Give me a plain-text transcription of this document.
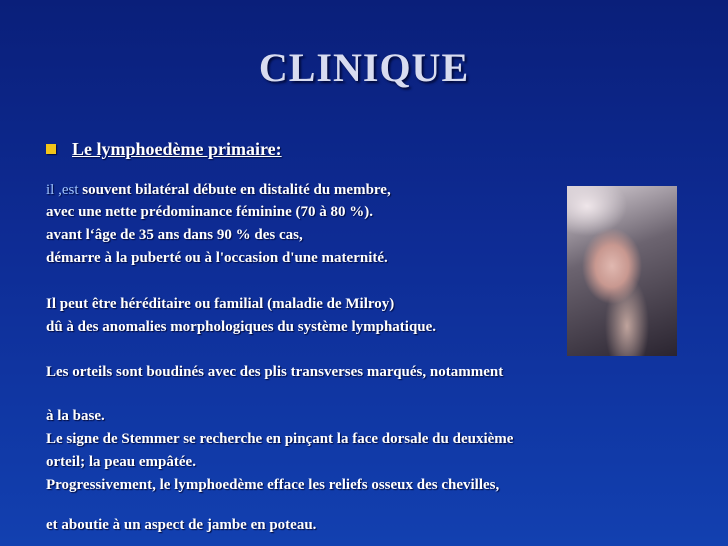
CLINIQUE
Le lymphoedème primaire:
il ,est souvent bilatéral débute en distalité du membre,
avec une nette prédominance féminine (70 à 80 %).
avant l‘âge de 35 ans dans 90 % des cas,
démarre à la puberté ou à l'occasion d'une maternité.
Il peut être héréditaire ou familial (maladie de Milroy)
dû à des anomalies morphologiques du système lymphatique.
Les orteils sont boudinés avec des plis transverses marqués, notamment
à la base.
Le signe de Stemmer se recherche en pinçant la face dorsale du deuxième
orteil; la peau empâtée.
Progressivement, le lymphoedème efface les reliefs osseux des chevilles,
et aboutie à un aspect de jambe en poteau.
